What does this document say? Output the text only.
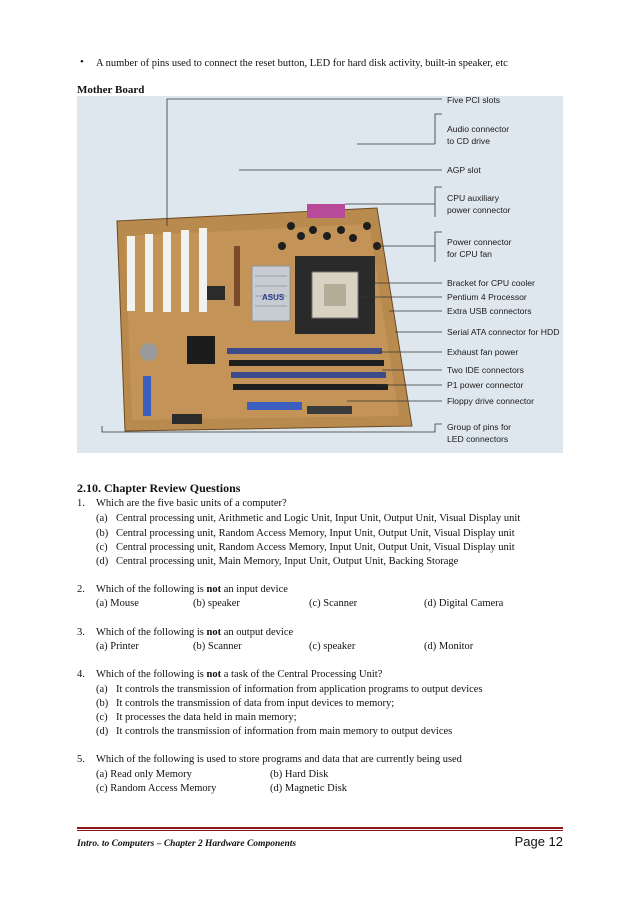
• A number of pins used to connect the reset button, LED for hard disk activity, built-in speaker, etc
Mother Board
ASUS
Five PCI slots
Audio connector
to CD drive
AGP slot
CPU auxiliary
power connector
Power connector
for CPU fan
Bracket for CPU cooler
Pentium 4 Processor
Extra USB connectors
Serial ATA connector for HDD
Exhaust fan power
Two IDE connectors
P1 power connector
Floppy drive connector
Group of pins for
LED connectors
2.10. Chapter Review Questions
1. Which are the five basic units of a computer?
(a) Central processing unit, Arithmetic and Logic Unit, Input Unit, Output Unit, Visual Display unit
(b) Central processing unit, Random Access Memory, Input Unit, Output Unit, Visual Display unit
(c) Central processing unit, Random Access Memory, Input Unit, Output Unit, Visual Display unit
(d) Central processing unit, Main Memory, Input Unit, Output Unit, Backing Storage
2. Which of the following is not an input device
(a) Mouse	(b) speaker	(c) Scanner	(d) Digital Camera
3. Which of the following is not an output device
(a) Printer	(b) Scanner	(c) speaker	(d) Monitor
4. Which of the following is not a task of the Central Processing Unit?
(a) It controls the transmission of information from application programs to output devices
(b) It controls the transmission of data from input devices to memory;
(c) It processes the data held in main memory;
(d) It controls the transmission of information from main memory to output devices
5. Which of the following is used to store programs and data that are currently being used
(a) Read only Memory	(b) Hard Disk
(c) Random Access Memory	(d) Magnetic Disk
Intro. to Computers – Chapter 2 Hardware Components	Page 12
